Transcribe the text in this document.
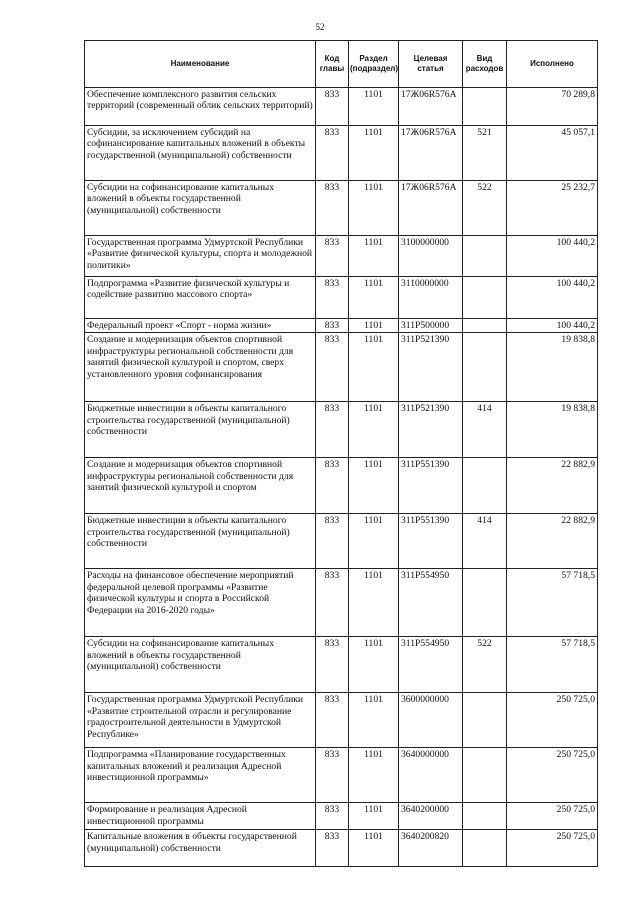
52
Наименование	Код главы	Раздел (подраздел)	Целевая статья	Вид расходов	Исполнено
Обеспечение комплексного развития сельских территорий (современный облик сельских территорий)	833	1101	17Ж06R576A		70 289,8
Субсидии, за исключением субсидий на софинансирование капитальных вложений в объекты государственной (муниципальной) собственности	833	1101	17Ж06R576A	521	45 057,1
Субсидии на софинансирование капитальных вложений в объекты государственной (муниципальной) собственности	833	1101	17Ж06R576A	522	25 232,7
Государственная программа Удмуртской Республики «Развитие физической культуры, спорта и молодежной политики»	833	1101	3100000000		100 440,2
Подпрограмма «Развитие физической культуры и содействие развитию массового спорта»	833	1101	3110000000		100 440,2
Федеральный проект «Спорт - норма жизни»	833	1101	311P500000		100 440,2
Создание и модернизация объектов спортивной инфраструктуры региональной собственности для занятий физической культурой и спортом, сверх установленного уровня софинансирования	833	1101	311P521390		19 838,8
Бюджетные инвестиции в объекты капитального строительства государственной (муниципальной) собственности	833	1101	311P521390	414	19 838,8
Создание и модернизация объектов спортивной инфраструктуры региональной собственности для занятий физической культурой и спортом	833	1101	311P551390		22 882,9
Бюджетные инвестиции в объекты капитального строительства государственной (муниципальной) собственности	833	1101	311P551390	414	22 882,9
Расходы на финансовое обеспечение мероприятий федеральной целевой программы «Развитие физической культуры и спорта в Российской Федерации на 2016-2020 годы»	833	1101	311P554950		57 718,5
Субсидии на софинансирование капитальных вложений в объекты государственной (муниципальной) собственности	833	1101	311P554950	522	57 718,5
Государственная программа Удмуртской Республики «Развитие строительной отрасли и регулирование градостроительной деятельности в Удмуртской Республике»	833	1101	3600000000		250 725,0
Подпрограмма «Планирование государственных капитальных вложений и реализация Адресной инвестиционной программы»	833	1101	3640000000		250 725,0
Формирование и реализация Адресной инвестиционной программы	833	1101	3640200000		250 725,0
Капитальные вложения в объекты государственной (муниципальной) собственности	833	1101	3640200820		250 725,0
